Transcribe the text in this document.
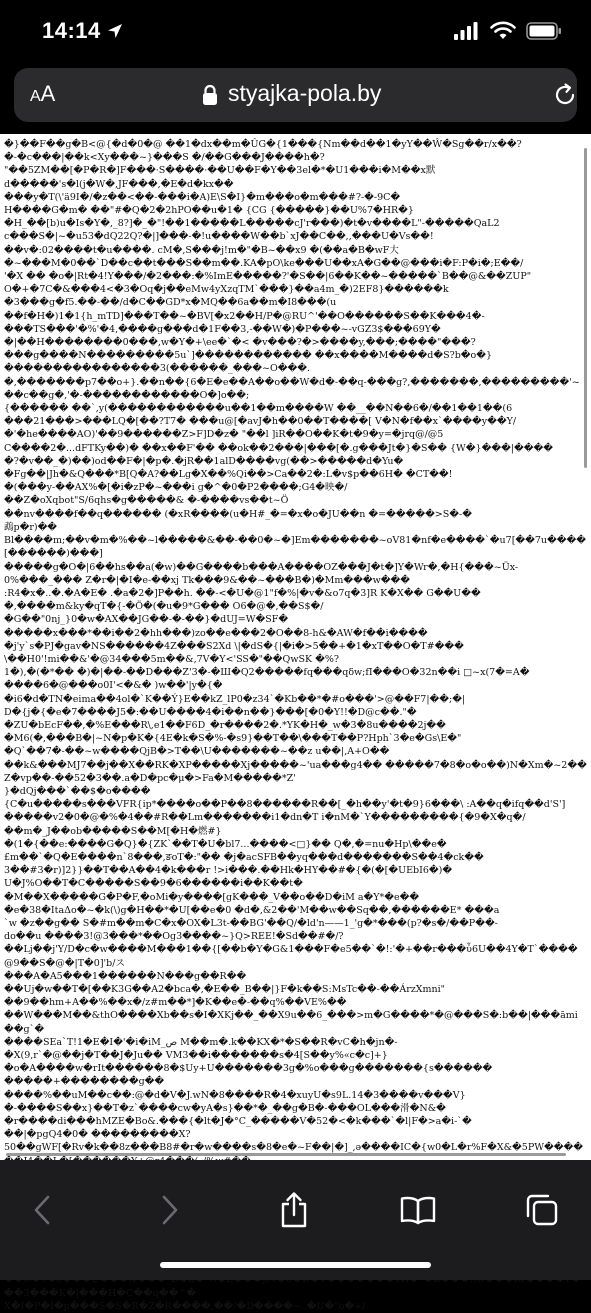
14:14
AA	styajka-pola.by
�}��F��g�B<@{�d�0�@ ��1�dx��m�ÛG�{1���{Nm��d��1�yY��Ŵ�Sg��r/x��?
�-�c���|��k<Xy���~}���S �/��G���J����h�?
"��5ZM��[�P�R�]F���·S����·��U��F�Y��3el�*�U1���i�M��x默
d�����'s�l(j�W�,JF���,�E�d�kx��
���y�T(\'ä9I�/�z��<��-���i�A)E\S�I}�m���o�m���#?-�-9C�
H����G�m� ��"#�Q�2�2hPO��u�1� {CG {�����}��U%7�HR�}
�H_��[b)u�Is�Y�,_8?]�_�"!��1�����L�����cJ'r���)�t�v����L"-�����QaL2
c���S�|~�u53�dQ22Q?�|]���-�!u����W��b`xJ��C��,,���U�Vs��!
��v�:02����t�u����. cM�,S���j!m�"�B~��x9 �(��a�B�wF大
�~���M�0��`D��c��t���S��m��.KA�pO\ke���U��xA�G��@���i�F:P�i�;E��/
'�X �� �o�|Rt�4!Y���/�2���:�%ImE�����?'�S��|6��K��~�����`B��@&��ZUP"
O�+�7C�&���4<�3�Oq�j��eMw4yXzqTM`���}��a4m_�)2EF8}������k
�3���g�f5.��-��/d�C��GD*x�MQ��6a��m�I8���(u
��f�H�)1�1{h_mTD]���T��~�BV[�x2��H/P�@RU^'��O������S��K���4�-
���TS���'�%'�4,����g���d�1F��3,-��W�)�P���~-vGZ3$���69Y�
�|��H��������0���,w�Y�+\ee�`�< �v���?�>����y,���;����"���?
���g����N���������5u`]������������ ��x����M����d�S?b�o�}
����������������3(������_���~O���.
�,�������p7��o+}.��n��{6�E�e��A��o��W�d�-��q-���g?,�������,���������'~��c��g�,'�-������������O�]o��;
{������ ��`,y(������������u��1��m����W ��__��N��6�/��1��1��(6
���21���>���LQ�[��?T7� ���u@[�avJ�h��0��T����[ V�N�f��x`����y��Y/
�'�he����AO)'��9������Z>F]D�z� "��l ]iR��O��K�t�9�y=�jrq@/@5
C����2�...dFTKy��)� ��x��F'�� ��ok��2���|���[�.g���Jt�}�S�� {W�}���|����
�?�v��_�)��)od��F�|�p�.�jR��1alD����vg(��>�����d�Yu�
�Fg��|Jh�&Q���*B[Q�A?��Lg�X��%Qi��>Ca��2�:L�v$p��6H� �CT��!
�(���y-��AX%�[�i�zP�~���i g�^�0�P2����;G4�映�/
��Z�oXqbot"S/6qhs�g�����& �-����vs��t~Ö
��nv����f��q������ (�xR����(u�H#_�=�x�o�JU��n �=�����>S�-�
鵡p�r)��
Bl����m;��v�m�%��~l�����&��-��0�~�]Em�������~oV81�nf�e����`�u7[��7u����[������)���]
�����g�O�|6��hs��a(�w)��G����b���A����OZ���J�t�]Y�Wr�,�H{���~Üx-
0%���_��� Z�r�|�I�e-��xj Tk���9&��~���B�)�Mm���w���
:R4�x�..�.�A�E� .�a�2�]P��h. ��-<�U�@1"f�%|�v�&o7q�3]R K�X�� G��U��
�,����m&ky�qT�{-�Ö�(�u�9*G��� O6�@�,��S$�/
�G��"0nj_}0�w�AX��JG��-�-��}�dUJ=W�SF�
�����x���*��i��2�hh���)zo��e���2�O��8-h&�AW�f��i����
�j'y`s�PJ�gav�NS������4Z���S2Xd \|�dS�{|�i�>5��+�1�xT��O�T#���
\��H0'!mi��&'�@34���5m��&,7V�Y<'SS�"��QwSK �%?
1�),�(�*�� �)�|��-��D���Z'3�-�Ш�Q2�����fq���qδw;fI���O�32n��i □~x(7�=A�
����6�@���o0I'<�&� )w��'|y�{�
�i6�d�TN�eima��4ol�`K��Ý}E��kZ_lP0�z34`�Kb��*�#o���'>@��F7|��;�|
D�{j�{�e�7����J5�:��U����4�i��n��}���[�0�Y!!�D@c��."�
�ZU�bEcF��,�%E���R\,e1��F6D_�r����2�.*YK�H�_w�3�8u����2j��
�M6(�,���B�|~N�p�K�{4E�k�S�%-�s9}��T��\���T��P?Hph`3�e�Gs\E�"
�Q`��7�-��~w����QjB�>T��\U�������~��z u��|,A+O��
��k&���MJ7��j��X��RK�XP�����Xj�����~'ua���g4�� �����7�8�o�o��)N�Xm�~2��Z�vp��-��52�3��.a�D�pc�μ�>Fa�M�����*Z'
}�dQj���`��$�o����
{C�u�����s���VFR{ip*����o��P��8������R��[_�h��y'�t�9}6���\ :A��q�ifq��d'S']
�����v2�0�@�%�4��#R��Lm�������i1�dn�T i�nM�`Y���������{�9�X�q�/
��m�_J��ob�����S��M[�H�燃#}
�(1�{��e:����G�Q}�{ZK`��T�U�bl7...����<□}�� Q�,�=nu�Hp\��e�
£m��`�Q�E����n`8���,ङoT�:"�� �j�acSFB��yq���d�������S��4�ck��
3��#3�r)]2}}��T��A��4�k���r !>i���.��Hk�HY��#�{�(�[�UEbI6�)�
U�J%O��T�C�����S��9�6������i��K��t�
�M��X�����G�P�F,�oMi�y����[gK���_V��o��D�iM a�Y*�e��
�e�38�ItaΔo�~�k(\)g�H��*�U[��e�0 �d�,&2��'M��w��Sq��,������E* ���a
`w �z��g�� S�#m��m�C�x�OX�L3t-��BG'��Q/�ld'n——1_'g�*���(p?�s�/��P��-
do��u ����3!@3���*��Og3����~}Q>REE!�Sd��#�/?
��Lj��j'Y/D�c�w����M���1��{[��b�Y�G&1���F�e5��`�!:'�+��r���ὖ6U��4Y�T`����@9��S�@�|T�0]'b/ス
���A�A5���1������N���g��R��
��Uj�w��T�[��K3G��A2�bca�,�E��_B��|}F�k��S:MsTc��-��ÁrzXmni"
��9��hm+A��%��x�/z#m��*]�K��e�-��q%��VE%��
��W���M��&thO����Xb��s�I�XKj��_��X9u��6_���>m�G����*�@���S�:b��|���āmi��g`�
����SEa`T!1�E�I�'�i�iM_ص M��m�.k��KX�*�S��R�vC�h�jn�-
�X(9,r`�@��j�T��J�Ju�� VM3��i�������s�4[S��y%«c�c]+}
�o�A����w�rIt������8�$Uy+U�������3g�%o���g�������{s������
�����+��������g��
����%��uM��c��:@�d�V�J.wN�8����R�4�xuyU�s9L.14�3����v���V}
�-����S��x}��T�z`����cw�yA�s}��*�_��g�B�-���OL���滑�N&�
�r����di���hMZE�Bo&.���{�lt�J�°C_�����V�52�<�k���`�l|F�>a�i-`�
��|�pgQ4�0� ���������X?
50��gWF[�Rv�k��8z���B8#�r�w����s�8�e�~F��|�]_,ə����IC�{w0�L�r%F�X&�5PW����

��3���K�|���H�C��q��^�
X�I�P�Í�p���S�S�R�Z�R����,��/�D����~..�U�"o�+/
